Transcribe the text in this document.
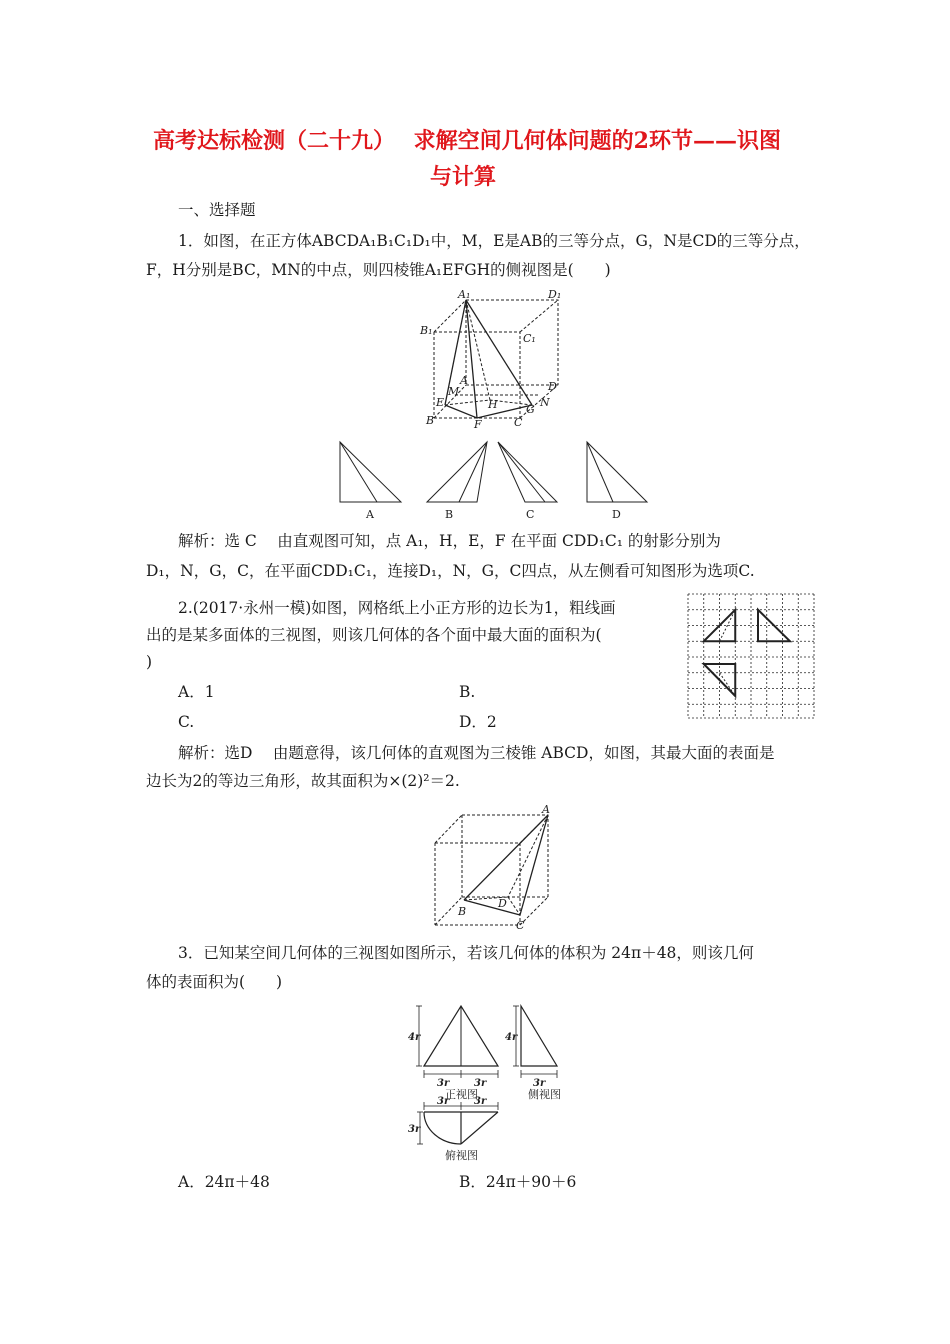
高考达标检测（二十九）　 求解空间几何体问题的2环节——识图
与计算
一、选择题
1．如图，在正方体ABCDA₁B₁C₁D₁中，M，E是AB的三等分点，G，N是CD的三等分点，
F，H分别是BC，MN的中点，则四棱锥A₁EFGH的侧视图是(　　)
A₁	D₁
B₁
C₁
A	D
M
E	H	G
N
B	F	C
A	B	C	D
解析：选 C　 由直观图可知，点 A₁，H，E，F 在平面 CDD₁C₁ 的射影分别为
D₁，N，G，C，在平面CDD₁C₁，连接D₁，N，G，C四点，从左侧看可知图形为选项C.
2.(2017·永州一模)如图，网格纸上小正方形的边长为1，粗线画
出的是某多面体的三视图，则该几何体的各个面中最大面的面积为(
)
A．1	B.
C.	D．2
解析：选D　 由题意得，该几何体的直观图为三棱锥 ABCD，如图，其最大面的表面是
边长为2的等边三角形，故其面积为×(2)²＝2.
A
B
D
C
3．已知某空间几何体的三视图如图所示，若该几何体的体积为 24π＋48，则该几何
体的表面积为(　　)
4r	4r
3r 3r	3r
3r 3r
3r
正视图	侧视图
俯视图
A．24π＋48	B．24π＋90＋6
